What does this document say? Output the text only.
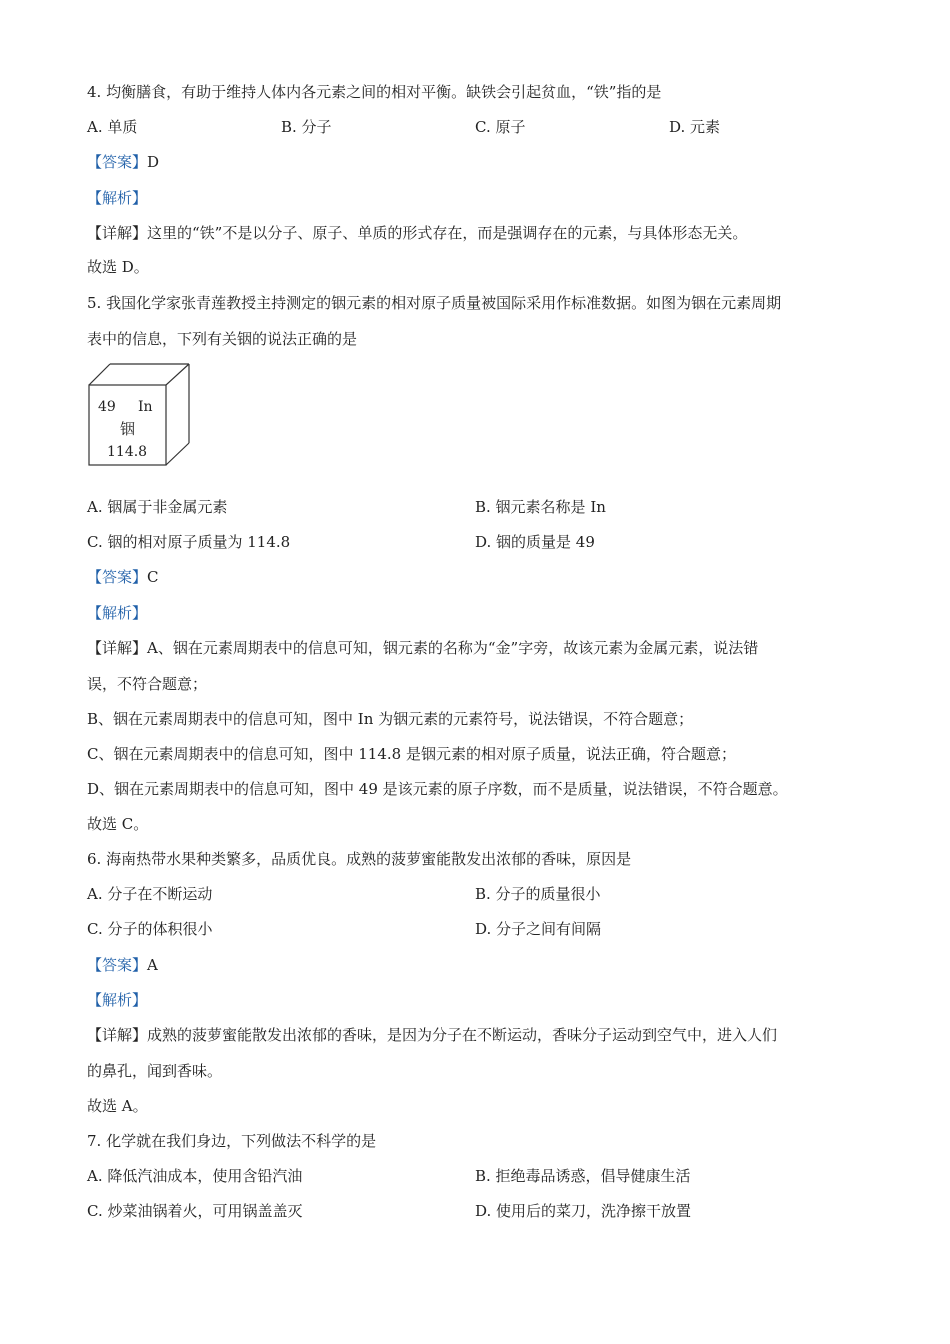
4. 均衡膳食，有助于维持人体内各元素之间的相对平衡。缺铁会引起贫血，“铁”指的是
A. 单质	B. 分子	C. 原子	D. 元素
【答案】D
【解析】
【详解】这里的“铁”不是以分子、原子、单质的形式存在，而是强调存在的元素，与具体形态无关。
故选 D。
5. 我国化学家张青莲教授主持测定的铟元素的相对原子质量被国际采用作标准数据。如图为铟在元素周期
表中的信息，下列有关铟的说法正确的是
49 In
铟
114.8
A. 铟属于非金属元素	B. 铟元素名称是 In
C. 铟的相对原子质量为 114.8	D. 铟的质量是 49
【答案】C
【解析】
【详解】A、铟在元素周期表中的信息可知，铟元素的名称为“金”字旁，故该元素为金属元素，说法错
误，不符合题意；
B、铟在元素周期表中的信息可知，图中 In 为铟元素的元素符号，说法错误，不符合题意；
C、铟在元素周期表中的信息可知，图中 114.8 是铟元素的相对原子质量，说法正确，符合题意；
D、铟在元素周期表中的信息可知，图中 49 是该元素的原子序数，而不是质量，说法错误，不符合题意。
故选 C。
6. 海南热带水果种类繁多，品质优良。成熟的菠萝蜜能散发出浓郁的香味，原因是
A. 分子在不断运动	B. 分子的质量很小
C. 分子的体积很小	D. 分子之间有间隔
【答案】A
【解析】
【详解】成熟的菠萝蜜能散发出浓郁的香味，是因为分子在不断运动，香味分子运动到空气中，进入人们
的鼻孔，闻到香味。
故选 A。
7. 化学就在我们身边，下列做法不科学的是
A. 降低汽油成本，使用含铅汽油	B. 拒绝毒品诱惑，倡导健康生活
C. 炒菜油锅着火，可用锅盖盖灭	D. 使用后的菜刀，洗净擦干放置
